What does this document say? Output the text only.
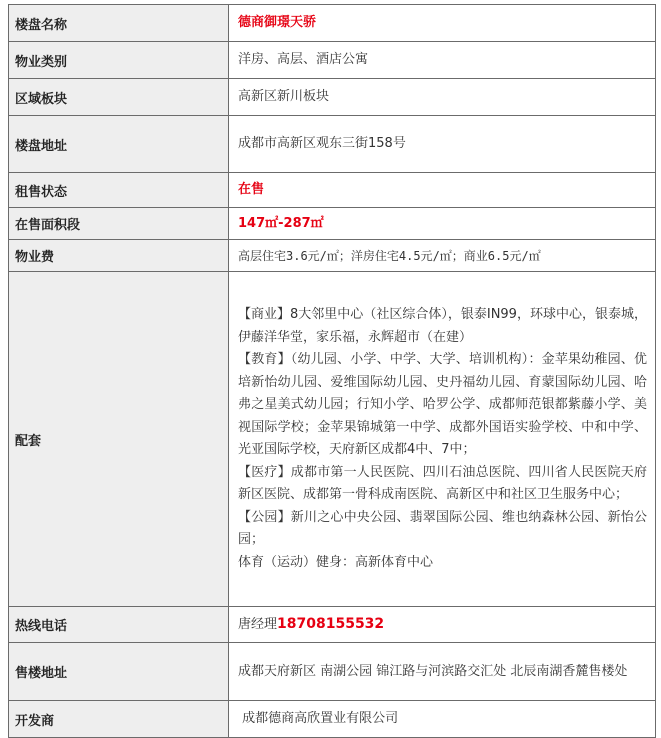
楼盘名称	德商御璟天骄
物业类别	洋房、高层、酒店公寓
区域板块	高新区新川板块
楼盘地址	成都市高新区观东三街158号
租售状态	在售
在售面积段	147㎡-287㎡
物业费	高层住宅3.6元/㎡；洋房住宅4.5元/㎡；商业6.5元/㎡
配套	【商业】8大邻里中心（社区综合体），银泰IN99，环球中心，银泰城，伊藤洋华堂，家乐福，永辉超市（在建）

【教育】（幼儿园、小学、中学、大学、培训机构）：金苹果幼稚园、优培新怡幼儿园、爱维国际幼儿园、史丹福幼儿园、育蒙国际幼儿园、哈弗之星美式幼儿园；行知小学、哈罗公学、成都师范银都紫藤小学、美视国际学校；金苹果锦城第一中学、成都外国语实验学校、中和中学、光亚国际学校，天府新区成都4中、7中；

【医疗】成都市第一人民医院、四川石油总医院、四川省人民医院天府新区医院、成都第一骨科成南医院、高新区中和社区卫生服务中心；

【公园】新川之心中央公园、翡翠国际公园、维也纳森林公园、新怡公园；

体育（运动）健身：高新体育中心

热线电话	唐经理18708155532
售楼地址	成都天府新区 南湖公园 锦江路与河滨路交汇处 北辰南湖香麓售楼处
开发商	成都德商高欣置业有限公司
